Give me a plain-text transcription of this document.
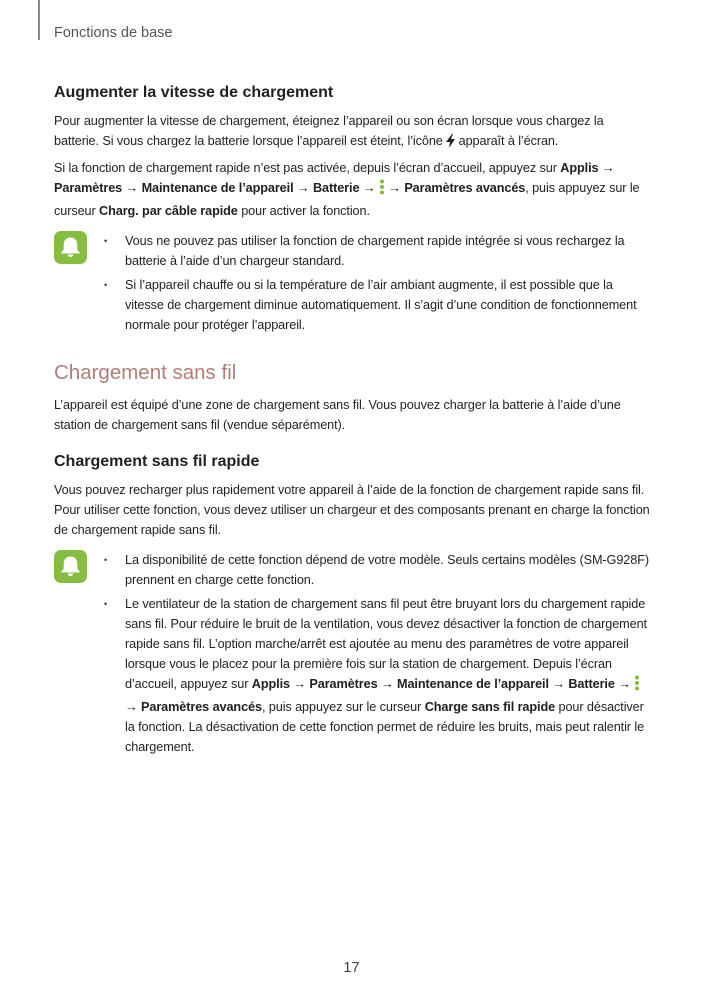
Fonctions de base
Augmenter la vitesse de chargement

Pour augmenter la vitesse de chargement, éteignez l’appareil ou son écran lorsque vous chargez la batterie. Si vous chargez la batterie lorsque l’appareil est éteint, l’icône apparaît à l’écran.

Si la fonction de chargement rapide n’est pas activée, depuis l’écran d’accueil, appuyez sur Applis → Paramètres → Maintenance de l’appareil → Batterie →  → Paramètres avancés, puis appuyez sur le curseur Charg. par câble rapide pour activer la fonction.

• Vous ne pouvez pas utiliser la fonction de chargement rapide intégrée si vous rechargez la batterie à l’aide d’un chargeur standard.
• Si l’appareil chauffe ou si la température de l’air ambiant augmente, il est possible que la vitesse de chargement diminue automatiquement. Il s’agit d’une condition de fonctionnement normale pour protéger l’appareil.
Chargement sans fil

L’appareil est équipé d’une zone de chargement sans fil. Vous pouvez charger la batterie à l’aide d’une station de chargement sans fil (vendue séparément).

Chargement sans fil rapide

Vous pouvez recharger plus rapidement votre appareil à l’aide de la fonction de chargement rapide sans fil. Pour utiliser cette fonction, vous devez utiliser un chargeur et des composants prenant en charge la fonction de chargement rapide sans fil.

• La disponibilité de cette fonction dépend de votre modèle. Seuls certains modèles (SM-G928F) prennent en charge cette fonction.
• Le ventilateur de la station de chargement sans fil peut être bruyant lors du chargement rapide sans fil. Pour réduire le bruit de la ventilation, vous devez désactiver la fonction de chargement rapide sans fil. L’option marche/arrêt est ajoutée au menu des paramètres de votre appareil lorsque vous le placez pour la première fois sur la station de chargement. Depuis l’écran d’accueil, appuyez sur Applis → Paramètres → Maintenance de l’appareil → Batterie →  → Paramètres avancés, puis appuyez sur le curseur Charge sans fil rapide pour désactiver la fonction. La désactivation de cette fonction permet de réduire les bruits, mais peut ralentir le chargement.
17
